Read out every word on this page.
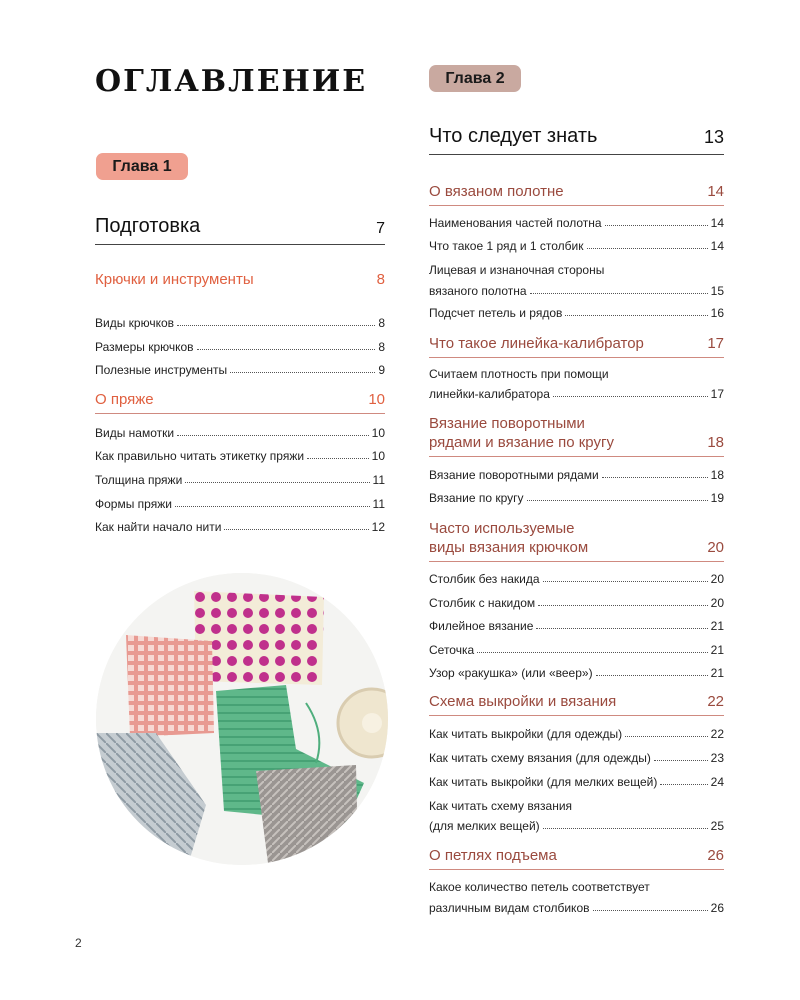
ОГЛАВЛЕНИЕ
Глава 1
Подготовка	7
Крючки и инструменты	8
Виды крючков	8
Размеры крючков	8
Полезные инструменты	9
О пряже	10
Виды намотки	10
Как правильно читать этикетку пряжи	10
Толщина пряжи	11
Формы пряжи	11
Как найти начало нити	12
2
Глава 2
Что следует знать	13
О вязаном полотне	14
Наименования частей полотна	14
Что такое 1 ряд и 1 столбик	14
Лицевая и изнаночная стороны
вязаного полотна	15
Подсчет петель и рядов	16
Что такое линейка-калибратор	17
Считаем плотность при помощи
линейки-калибратора	17
Вязание поворотными
рядами и вязание по кругу	18
Вязание поворотными рядами	18
Вязание по кругу	19
Часто используемые
виды вязания крючком	20
Столбик без накида	20
Столбик с накидом	20
Филейное вязание	21
Сеточка	21
Узор «ракушка» (или «веер»)	21
Схема выкройки и вязания	22
Как читать выкройки (для одежды)	22
Как читать схему вязания (для одежды)	23
Как читать выкройки (для мелких вещей)	24
Как читать схему вязания
(для мелких вещей)	25
О петлях подъема	26
Какое количество петель соответствует
различным видам столбиков	26
